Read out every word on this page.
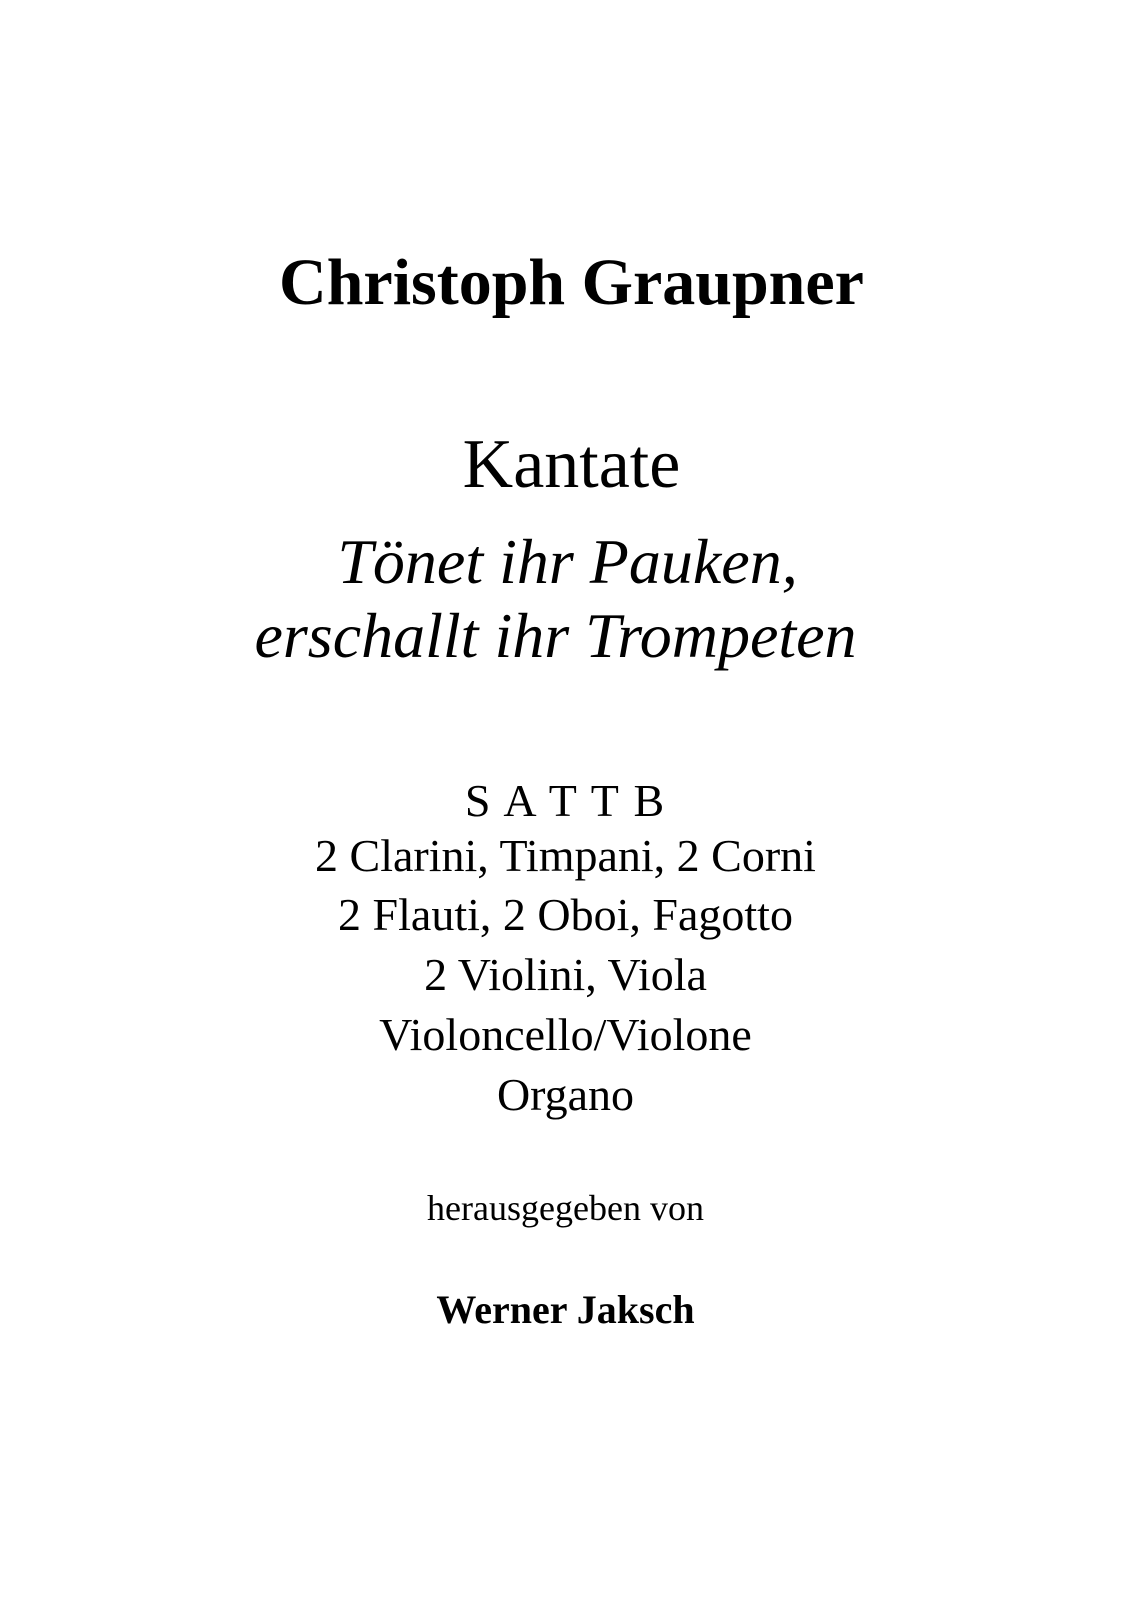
Christoph Graupner
Kantate
Tönet ihr Pauken,
erschallt ihr Trompeten
S A T T B
2 Clarini, Timpani, 2 Corni
2 Flauti, 2 Oboi, Fagotto
2 Violini, Viola
Violoncello/Violone
Organo
herausgegeben von
Werner Jaksch
